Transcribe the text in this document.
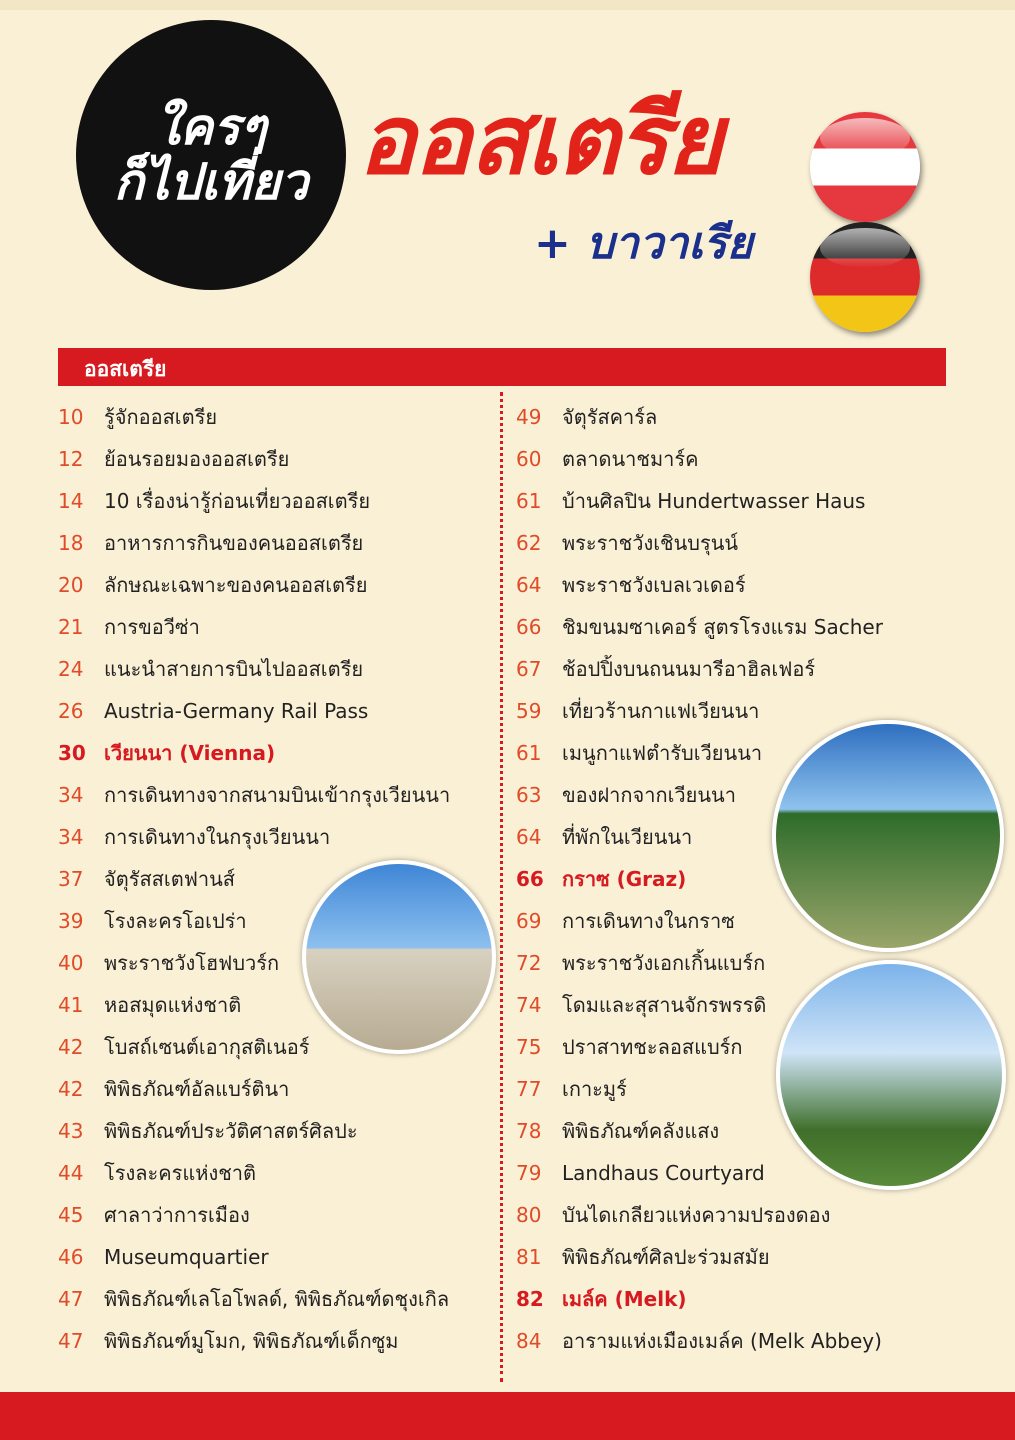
ใครๆ
ก็ไปเที่ยว ออสเตรีย
+ บาวาเรีย
ออสเตรีย
10	รู้จักออสเตรีย
12	ย้อนรอยมองออสเตรีย
14	10 เรื่องน่ารู้ก่อนเที่ยวออสเตรีย
18	อาหารการกินของคนออสเตรีย
20	ลักษณะเฉพาะของคนออสเตรีย
21	การขอวีซ่า
24	แนะนำสายการบินไปออสเตรีย
26	Austria-Germany Rail Pass
30 เวียนนา (Vienna)
34	การเดินทางจากสนามบินเข้ากรุงเวียนนา
34	การเดินทางในกรุงเวียนนา
37	จัตุรัสสเตฟานส์
39	โรงละครโอเปร่า
40	พระราชวังโฮฟบวร์ก
41	หอสมุดแห่งชาติ
42	โบสถ์เซนต์เอากุสติเนอร์
42	พิพิธภัณฑ์อัลแบร์ตินา
43	พิพิธภัณฑ์ประวัติศาสตร์ศิลปะ
44	โรงละครแห่งชาติ
45	ศาลาว่าการเมือง
46	Museumquartier
47	พิพิธภัณฑ์เลโอโพลด์, พิพิธภัณฑ์ดชุงเกิล
47	พิพิธภัณฑ์มูโมก, พิพิธภัณฑ์เด็กซูม
49	จัตุรัสคาร์ล
60	ตลาดนาชมาร์ค
61	บ้านศิลปิน Hundertwasser Haus
62	พระราชวังเชินบรุนน์
64	พระราชวังเบลเวเดอร์
66	ชิมขนมซาเคอร์ สูตรโรงแรม Sacher
67	ช้อปปิ้งบนถนนมารีอาฮิลเฟอร์
59	เที่ยวร้านกาแฟเวียนนา
61	เมนูกาแฟตำรับเวียนนา
63	ของฝากจากเวียนนา
64	ที่พักในเวียนนา
66 กราซ (Graz)
69	การเดินทางในกราซ
72	พระราชวังเอกเกิ้นแบร์ก
74	โดมและสุสานจักรพรรดิ
75	ปราสาทชะลอสแบร์ก
77	เกาะมูร์
78	พิพิธภัณฑ์คลังแสง
79	Landhaus Courtyard
80	บันไดเกลียวแห่งความปรองดอง
81	พิพิธภัณฑ์ศิลปะร่วมสมัย
82 เมล์ค (Melk)
84	อารามแห่งเมืองเมล์ค (Melk Abbey)
